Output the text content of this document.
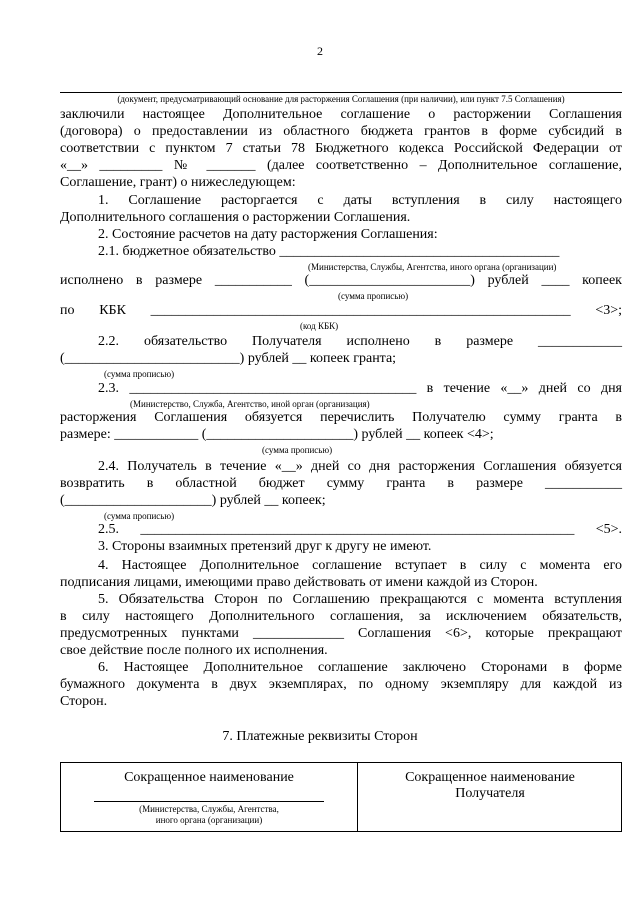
2
(документ, предусматривающий основание для расторжения Соглашения (при наличии), или пункт 7.5 Соглашения)
заключили настоящее Дополнительное соглашение о расторжении Соглашения
(договора) о предоставлении из областного бюджета грантов в форме субсидий в
соответствии с пунктом 7 статьи 78 Бюджетного кодекса Российской Федерации от
«__» _________ № _______ (далее соответственно – Дополнительное соглашение,
Соглашение, грант) о нижеследующем:
1. Соглашение расторгается с даты вступления в силу настоящего
Дополнительного соглашения о расторжении Соглашения.
2. Состояние расчетов на дату расторжения Соглашения:
2.1. бюджетное обязательство ________________________________________
(Министерства, Службы, Агентства, иного органа (организации)
исполнено в размере ___________ (_______________________) рублей ____ копеек
(сумма прописью)
по КБК ____________________________________________________________ <3>;
(код КБК)
2.2. обязательство Получателя исполнено в размере ____________
(_________________________) рублей __ копеек гранта;
(сумма прописью)
2.3. _________________________________________ в течение «__» дней со дня
(Министерство, Служба, Агентство, иной орган (организация)
расторжения Соглашения обязуется перечислить Получателю сумму гранта в
размере: ____________ (_____________________) рублей __ копеек <4>;
(сумма прописью)
2.4. Получатель в течение «__» дней со дня расторжения Соглашения обязуется
возвратить в областной бюджет сумму гранта в размере ___________
(_____________________) рублей __ копеек;
(сумма прописью)
2.5. ______________________________________________________________ <5>.
3. Стороны взаимных претензий друг к другу не имеют.
4. Настоящее Дополнительное соглашение вступает в силу с момента его
подписания лицами, имеющими право действовать от имени каждой из Сторон.
5. Обязательства Сторон по Соглашению прекращаются с момента вступления
в силу настоящего Дополнительного соглашения, за исключением обязательств,
предусмотренных пунктами _____________ Соглашения <6>, которые прекращают
свое действие после полного их исполнения.
6. Настоящее Дополнительное соглашение заключено Сторонами в форме
бумажного документа в двух экземплярах, по одному экземпляру для каждой из
Сторон.
7. Платежные реквизиты Сторон
Сокращенное наименование
(Министерства, Службы, Агентства,
иного органа (организации)
Сокращенное наименование
Получателя
